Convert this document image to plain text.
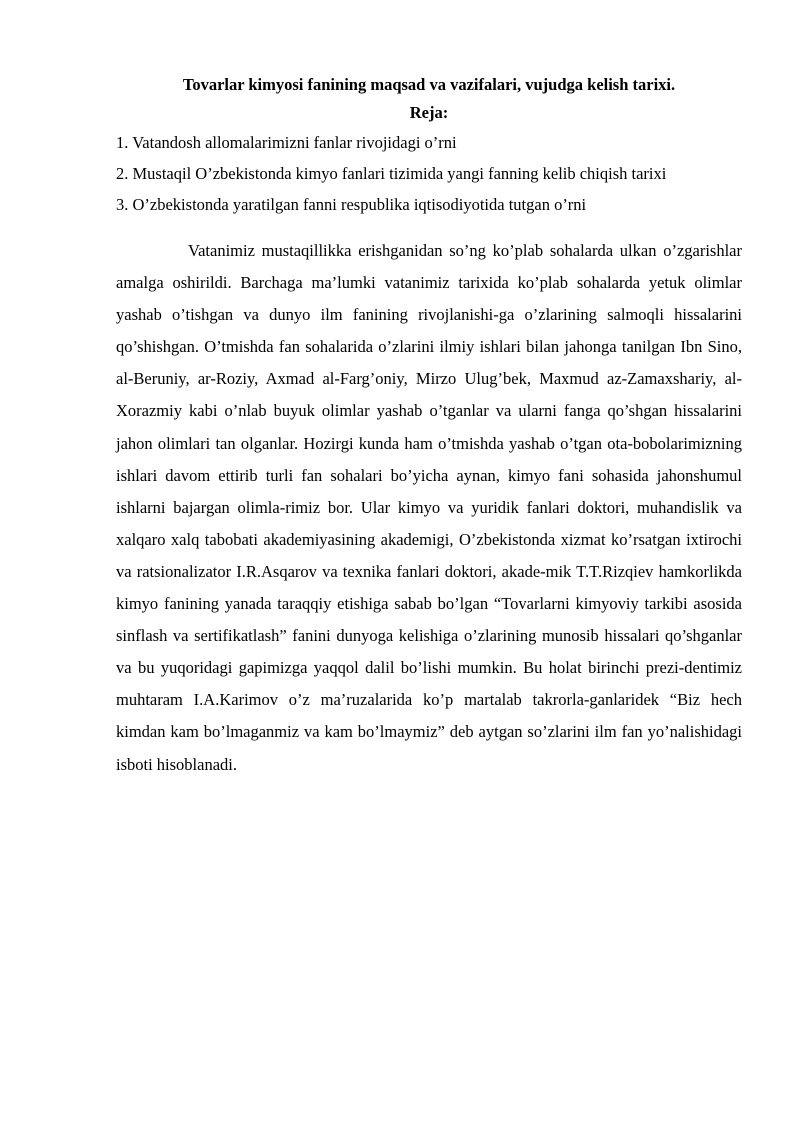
Tovarlar kimyosi fanining maqsad va vazifalari, vujudga kelish tarixi.
Reja:
1. Vatandosh allomalarimizni fanlar rivojidagi o’rni
2. Mustaqil O’zbekistonda kimyo fanlari tizimida yangi fanning kelib chiqish tarixi
3. O’zbekistonda yaratilgan fanni respublika iqtisodiyotida tutgan o’rni

Vatanimiz mustaqillikka erishganidan so’ng ko’plab sohalarda ulkan o’zgarishlar amalga oshirildi. Barchaga ma’lumki vatanimiz tarixida ko’plab sohalarda yetuk olimlar yashab o’tishgan va dunyo ilm fanining rivojlanishi-ga o’zlarining salmoqli hissalarini qo’shishgan. O’tmishda fan sohalarida o’zlarini ilmiy ishlari bilan jahonga tanilgan Ibn Sino, al-Beruniy, ar-Roziy, Axmad al-Farg’oniy, Mirzo Ulug’bek, Maxmud az-Zamaxshariy, al-Xorazmiy kabi o’nlab buyuk olimlar yashab o’tganlar va ularni fanga qo’shgan hissalarini jahon olimlari tan olganlar. Hozirgi kunda ham o’tmishda yashab o’tgan ota-bobolarimizning ishlari davom ettirib turli fan sohalari bo’yicha aynan, kimyo fani sohasida jahonshumul ishlarni bajargan olimla-rimiz bor. Ular kimyo va yuridik fanlari doktori, muhandislik va xalqaro xalq tabobati akademiyasining akademigi, O’zbekistonda xizmat ko’rsatgan ixtirochi va ratsionalizator I.R.Asqarov va texnika fanlari doktori, akade-mik T.T.Rizqiev hamkorlikda kimyo fanining yanada taraqqiy etishiga sabab bo’lgan “Tovarlarni kimyoviy tarkibi asosida sinflash va sertifikatlash” fanini dunyoga kelishiga o’zlarining munosib hissalari qo’shganlar va bu yuqoridagi gapimizga yaqqol dalil bo’lishi mumkin. Bu holat birinchi prezi-dentimiz muhtaram I.A.Karimov o’z ma’ruzalarida ko’p martalab takrorla-ganlaridek “Biz hech kimdan kam bo’lmaganmiz va kam bo’lmaymiz” deb aytgan so’zlarini ilm fan yo’nalishidagi isboti hisoblanadi.
